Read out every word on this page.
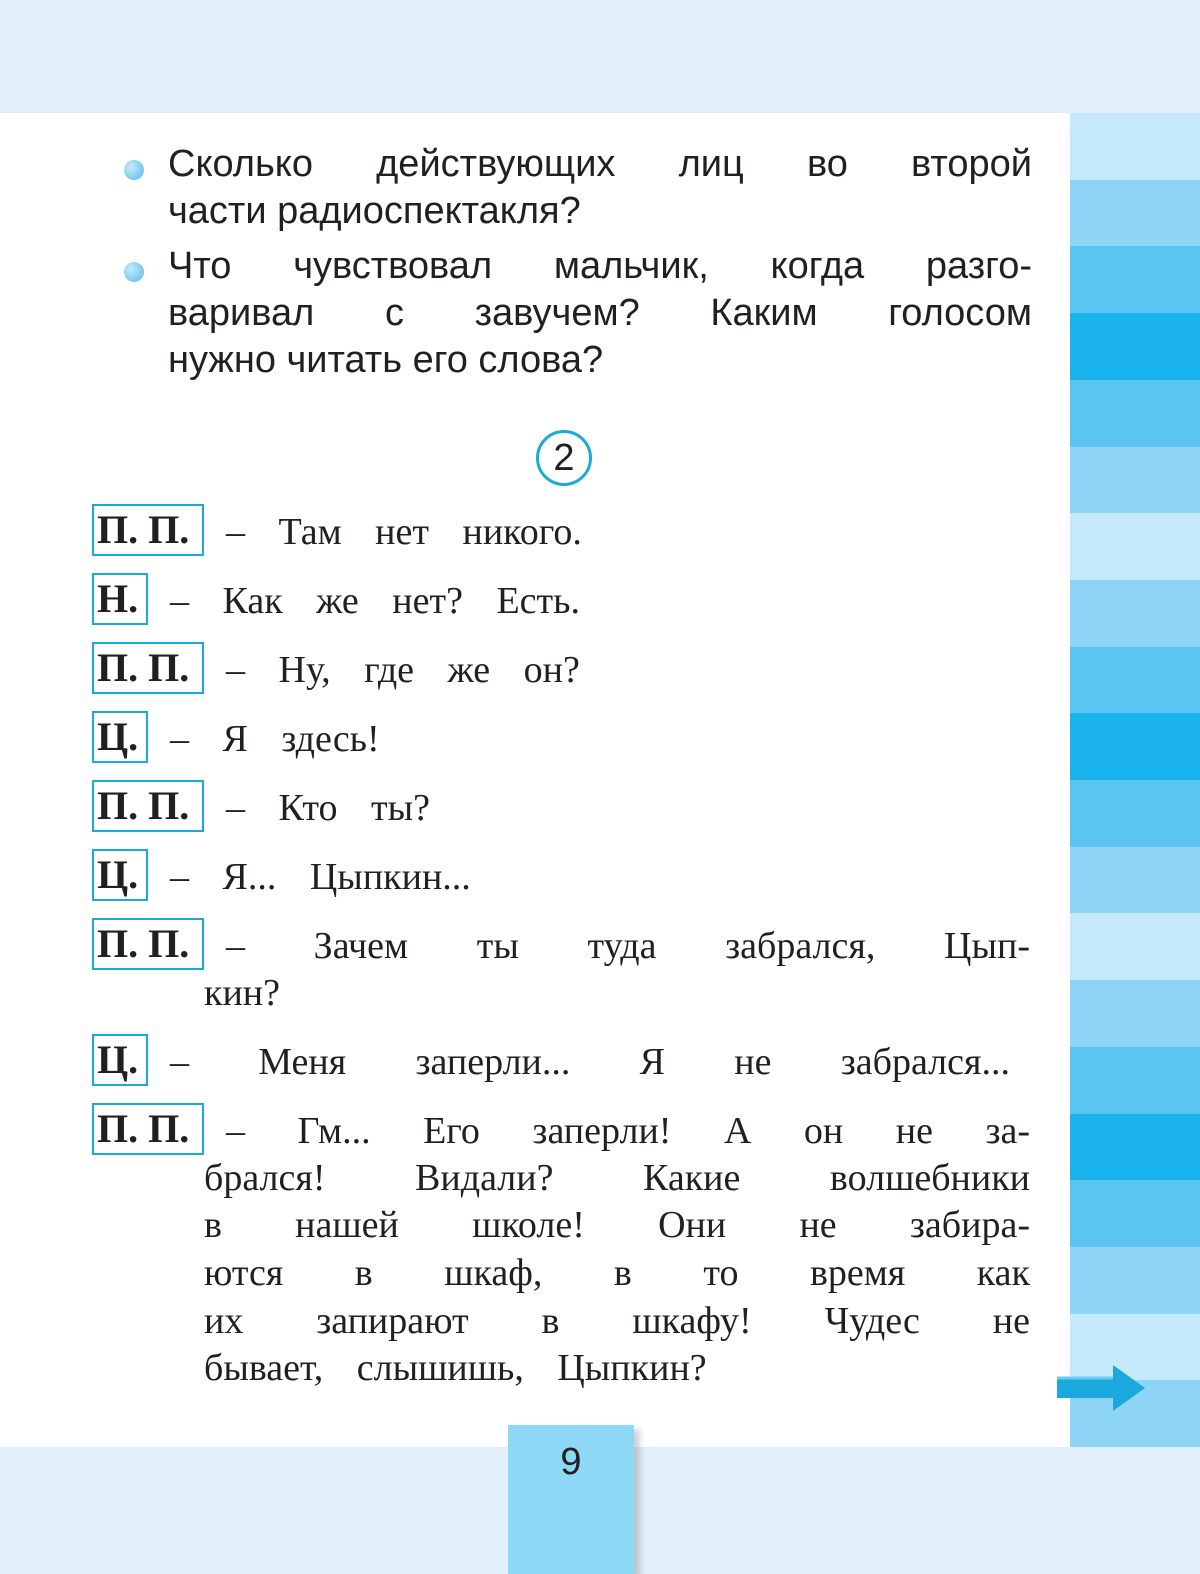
Сколько действующих лиц во второй
части радиоспектакля?
Что чувствовал мальчик, когда разго-
варивал с завучем? Каким голосом
нужно читать его слова?
2
П. П. – Там нет никого.
Н. – Как же нет? Есть.
П. П. – Ну, где же он?
Ц. – Я здесь!
П. П. – Кто ты?
Ц. – Я... Цыпкин...
П. П. – Зачем ты туда забрался, Цып-
кин?
Ц. – Меня заперли... Я не забрался...
П. П. – Гм... Его заперли! А он не за-
брался! Видали? Какие волшебники
в нашей школе! Они не забира-
ются в шкаф, в то время как
их запирают в шкафу! Чудес не
бывает, слышишь, Цыпкин?
9
